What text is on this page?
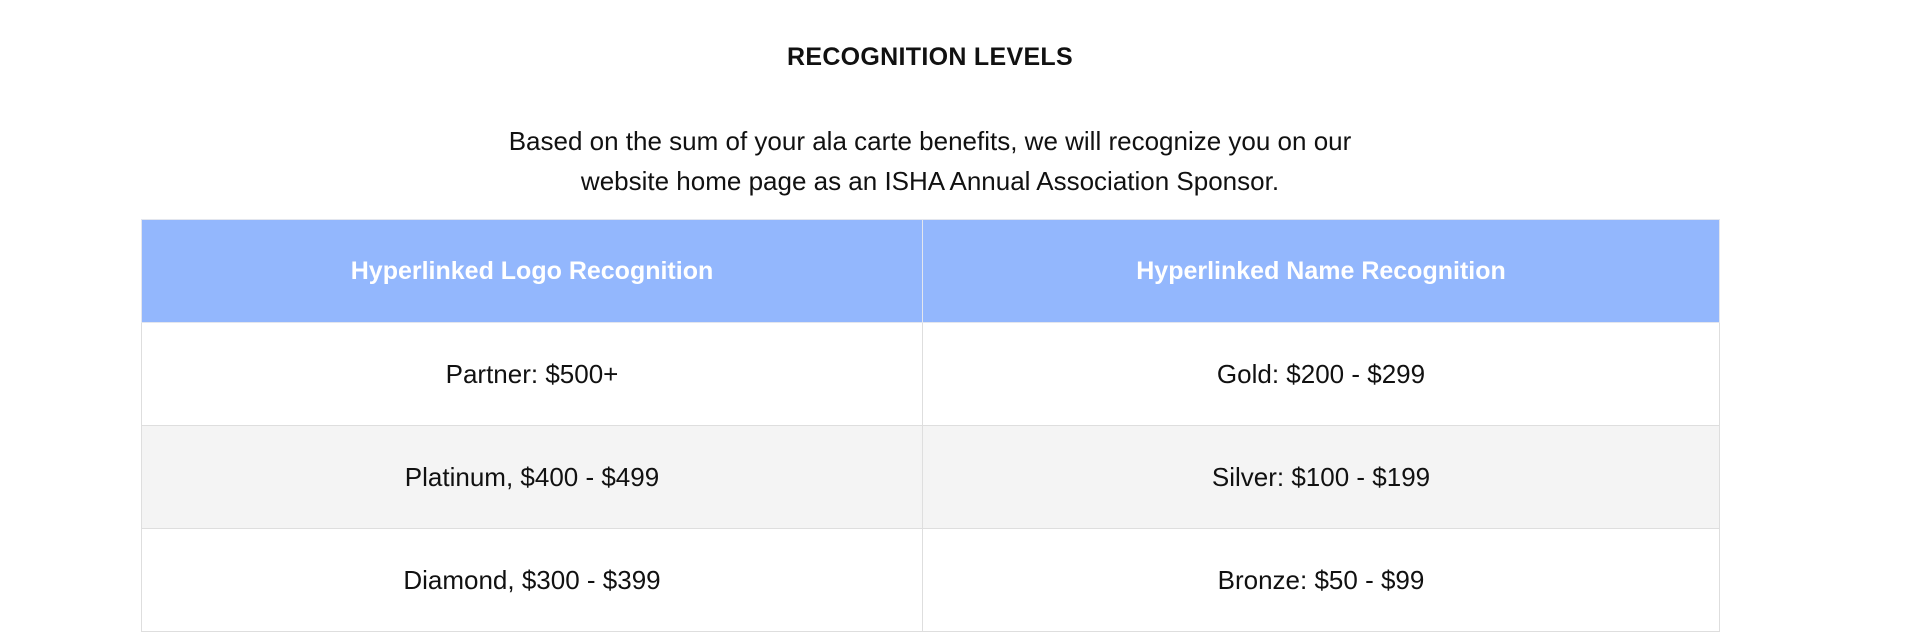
RECOGNITION LEVELS

Based on the sum of your ala carte benefits, we will recognize you on our
website home page as an ISHA Annual Association Sponsor.

Hyperlinked Logo Recognition	Hyperlinked Name Recognition
Partner: $500+	Gold: $200 - $299
Platinum, $400 - $499	Silver: $100 - $199
Diamond, $300 - $399	Bronze: $50 - $99
